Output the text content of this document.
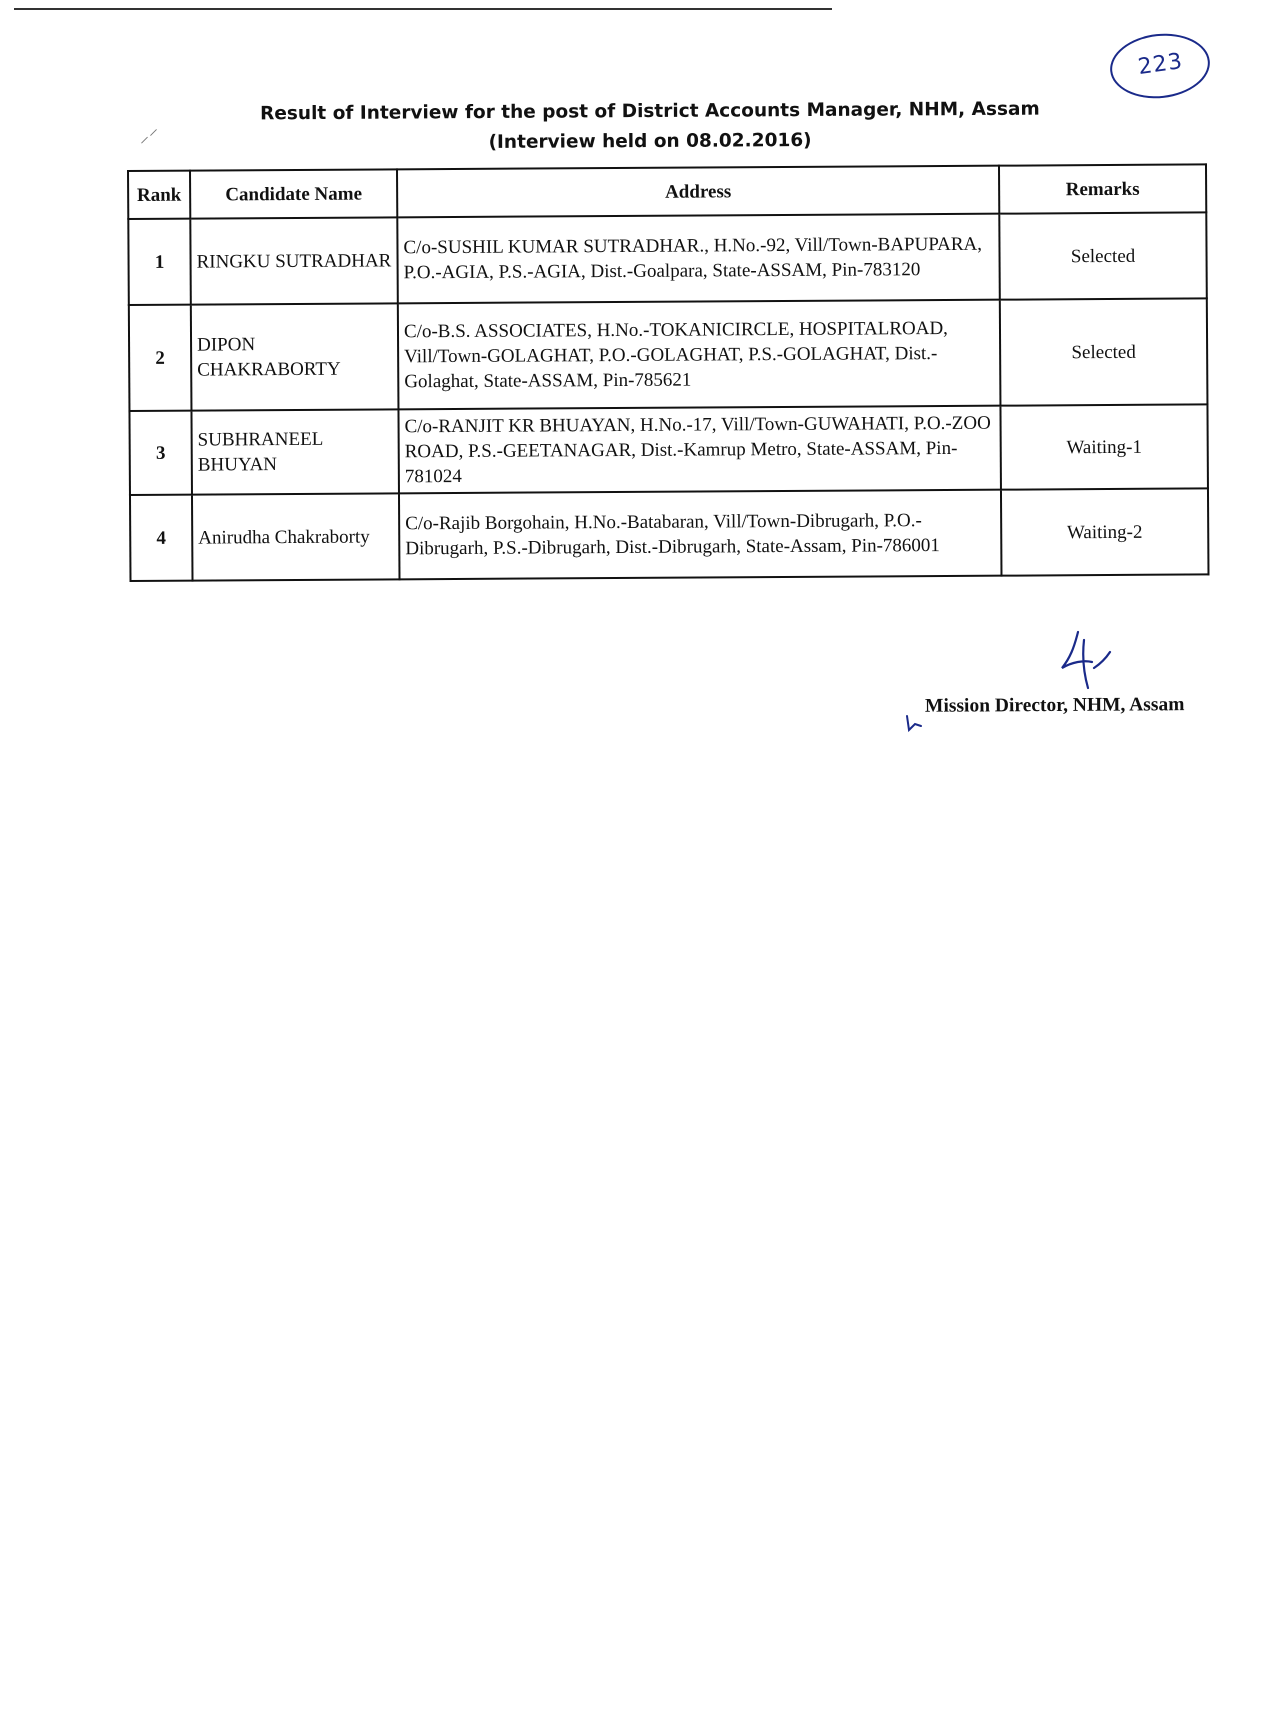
223
⸝⸍
Result of Interview for the post of District Accounts Manager, NHM, Assam
(Interview held on 08.02.2016)
Rank	Candidate Name	Address	Remarks
1	RINGKU SUTRADHAR	C/o-SUSHIL KUMAR SUTRADHAR., H.No.-92, Vill/Town-BAPUPARA, P.O.-AGIA, P.S.-AGIA, Dist.-Goalpara, State-ASSAM, Pin-783120	Selected
2	DIPON CHAKRABORTY	C/o-B.S. ASSOCIATES, H.No.-TOKANICIRCLE, HOSPITALROAD, Vill/Town-GOLAGHAT, P.O.-GOLAGHAT, P.S.-GOLAGHAT, Dist.-Golaghat, State-ASSAM, Pin-785621	Selected
3	SUBHRANEEL BHUYAN	C/o-RANJIT KR BHUAYAN, H.No.-17, Vill/Town-GUWAHATI, P.O.-ZOO ROAD, P.S.-GEETANAGAR, Dist.-Kamrup Metro, State-ASSAM, Pin-781024	Waiting-1
4	Anirudha Chakraborty	C/o-Rajib Borgohain, H.No.-Batabaran, Vill/Town-Dibrugarh, P.O.-Dibrugarh, P.S.-Dibrugarh, Dist.-Dibrugarh, State-Assam, Pin-786001	Waiting-2
Mission Director, NHM, Assam
